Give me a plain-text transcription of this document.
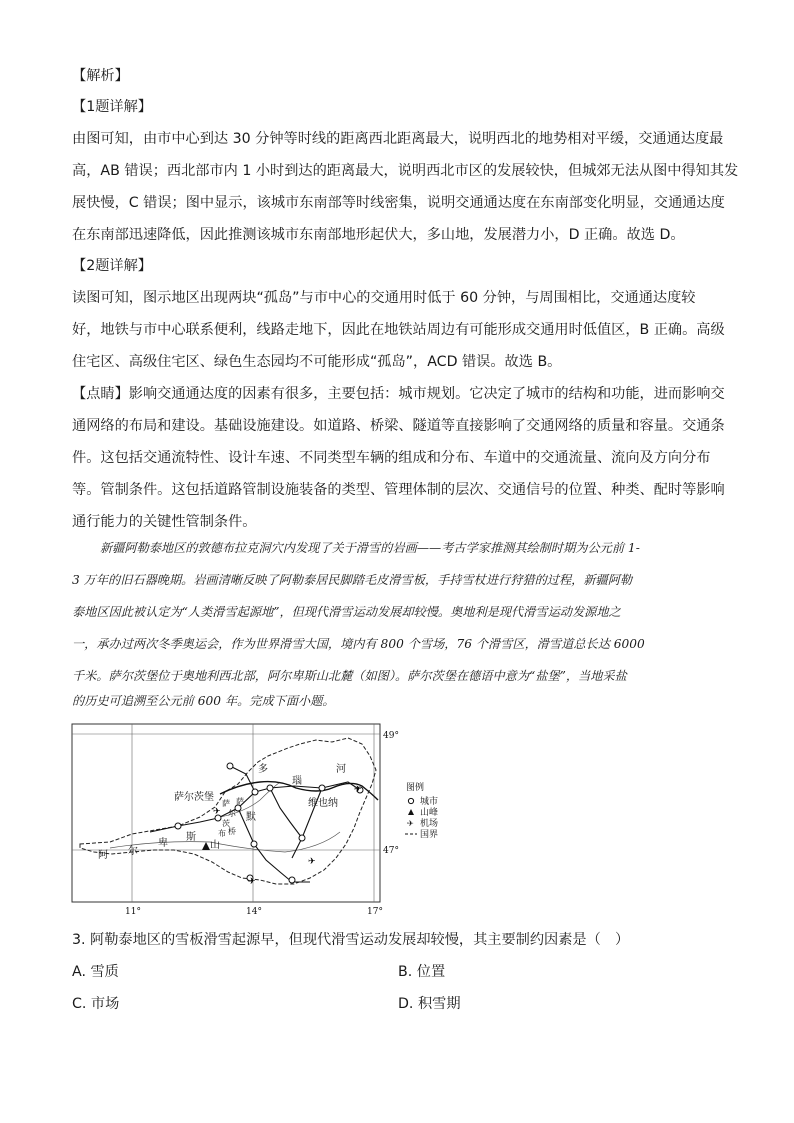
【解析】
【1题详解】
由图可知，由市中心到达 30 分钟等时线的距离西北距离最大，说明西北的地势相对平缓，交通通达度最
高，AB 错误；西北部市内 1 小时到达的距离最大，说明西北市区的发展较快，但城郊无法从图中得知其发
展快慢，C 错误；图中显示，该城市东南部等时线密集，说明交通通达度在东南部变化明显，交通通达度
在东南部迅速降低，因此推测该城市东南部地形起伏大，多山地，发展潜力小，D 正确。故选 D。
【2题详解】
读图可知，图示地区出现两块“孤岛”与市中心的交通用时低于 60 分钟，与周围相比，交通通达度较
好，地铁与市中心联系便利，线路走地下，因此在地铁站周边有可能形成交通用时低值区，B 正确。高级
住宅区、高级住宅区、绿色生态园均不可能形成“孤岛”，ACD 错误。故选 B。
【点睛】影响交通通达度的因素有很多，主要包括：城市规划。它决定了城市的结构和功能，进而影响交
通网络的布局和建设。基础设施建设。如道路、桥梁、隧道等直接影响了交通网络的质量和容量。交通条
件。这包括交通流特性、设计车速、不同类型车辆的组成和分布、车道中的交通流量、流向及方向分布
等。管制条件。这包括道路管制设施装备的类型、管理体制的层次、交通信号的位置、种类、配时等影响
通行能力的关键性管制条件。
新疆阿勒泰地区的敦德布拉克洞穴内发现了关于滑雪的岩画——考古学家推测其绘制时期为公元前 1-
3 万年的旧石器晚期。岩画清晰反映了阿勒泰居民脚踏毛皮滑雪板，手持雪杖进行狩猎的过程，新疆阿勒
泰地区因此被认定为“人类滑雪起源地”，但现代滑雪运动发展却较慢。奥地利是现代滑雪运动发源地之
一，承办过两次冬季奥运会，作为世界滑雪大国，境内有 800 个雪场，76 个滑雪区，滑雪道总长达 6000
千米。萨尔茨堡位于奥地利西北部，阿尔卑斯山北麓（如图）。萨尔茨堡在德语中意为“盐堡”，当地采盐
的历史可追溯至公元前 600 年。完成下面小题。
✈
✈
✈
✈
萨尔茨堡
维也纳
多
瑙
河
萨
尔
茨
布 桥
阿 尔
卑
斯
山
默
萨
49°
47°
11°	14°	17°
图例
城市
山峰
✈ 机场
国界
3. 阿勒泰地区的雪板滑雪起源早，但现代滑雪运动发展却较慢，其主要制约因素是（　）
A. 雪质	B. 位置
C. 市场	D. 积雪期
